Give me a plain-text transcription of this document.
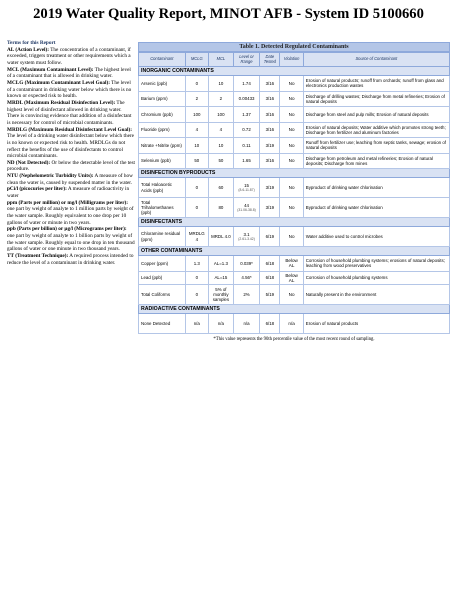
2019 Water Quality Report, MINOT AFB - System ID 5100660
Terms for this Report
AL (Action Level): The concentration of a contaminant, if exceeded, triggers treatment or other requirements which a water system must follow.
MCL (Maximum Contaminant Level): The highest level of a contaminant that is allowed in drinking water.
MCLG (Maximum Contaminant Level Goal): The level of a contaminant in drinking water below which there is no known or expected risk to health.
MRDL (Maximum Residual Disinfection Level): The highest level of disinfectant allowed in drinking water. There is convincing evidence that addition of a disinfectant is necessary for control of microbial contaminants.
MRDLG (Maximum Residual Disinfectant Level Goal): The level of a drinking water disinfectant below which there is no known or expected risk to health. MRDLGs do not reflect the benefits of the use of disinfectants to control microbial contaminants.
ND (Not Detected): Or below the detectable level of the test procedure.
NTU (Nephelometric Turbidity Units): A measure of how clean the water is, caused by suspended matter in the water.
pCi/l (picocuries per liter): A measure of radioactivity in water
ppm (Parts per million) or mg/l (Milligrams per liter): one part by weight of analyte to 1 million parts by weight of the water sample. Roughly equivalent to one drop per 10 gallons of water or minute in two years.
ppb (Parts per billion) or µg/l (Micrograms per liter): one part by weight of analyte to 1 billion parts by weight of the water sample. Roughly equal to one drop in ten thousand gallons of water or one minute in two thousand years.
TT (Treatment Technique): A required process intended to reduce the level of a contaminant in drinking water.
Table 1. Detected Regulated Contaminants
Contaminant	MCLG	MCL	Level or Range	Date Tested	Violation	Source of Contaminant
INORGANIC CONTAMINANTS						
Arsenic (ppb)	0	10	1.74	3/16	No	Erosion of natural products; runoff from orchards; runoff from glass and electronics production wastes
Barium (ppm)	2	2	0.00433	3/16	No	Discharge of drilling wastes; Discharge from metal refineries; Erosion of natural deposits
Chromium (ppb)	100	100	1.37	3/16	No	Discharge from steel and pulp mills; Erosion of natural deposits
Fluoride (ppm)	4	4	0.72	3/16	No	Erosion of natural deposits; Water additive which promotes strong teeth; Discharge from fertilizer and aluminum factories
Nitrate +Nitrite (ppm)	10	10	0.11	3/19	No	Runoff from fertilizer use; leaching from septic tanks, sewage; erosion of natural deposits
Selenium (ppb)	50	50	1.65	3/16	No	Discharge from petroleum and metal refineries; Erosion of natural deposits; Discharge from mines
DISINFECTION BYPRODUCTS						
Total Haloacetic Acids (ppb)	0	60	15
(8.6-11.87)	3/19	No	Byproduct of drinking water chlorination
Total Trihalomethanes (ppb)	0	80	44
(31.06-38.8)	3/19	No	Byproduct of drinking water chlorination
DISINFECTANTS						
Chloramine residual (ppm)	MRDLG 4	MRDL 4.0	3.1
(2.61-3.42)	6/19	No	Water additive used to control microbes
OTHER CONTAMINANTS						
Copper (ppm)	1.3	AL=1.3	0.039*	6/18	Below AL	Corrosion of household plumbing systems; erosions of natural deposits; leaching from wood preservatives
Lead (ppb)	0	AL=15	4.56*	6/18	Below AL	Corrosion of household plumbing systems
Total Coliforms	0	5% of monthly samples	2%	5/19	No	Naturally present in the environment
RADIOACTIVE CONTAMINANTS						
None Detected	n/a	n/a	n/a	6/18	n/a	Erosion of natural products
*This value represents the 90th percentile value of the most recent round of sampling.
